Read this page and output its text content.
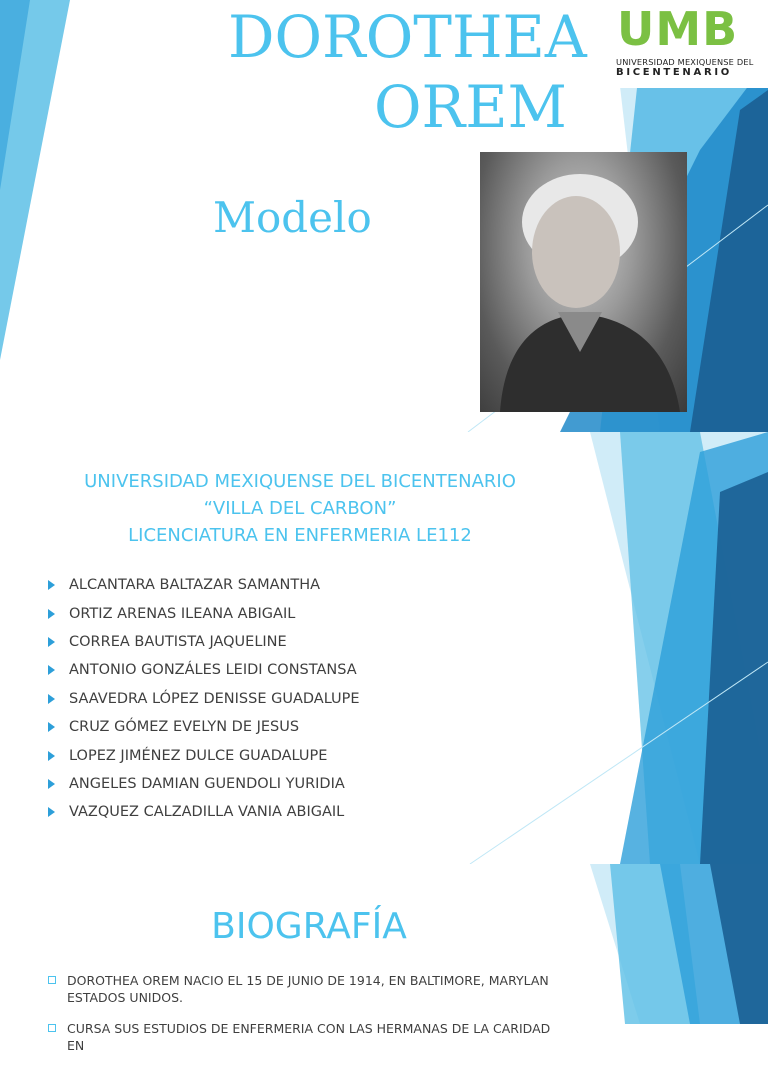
DOROTHEA
OREM
Modelo
UMB
UNIVERSIDAD MEXIQUENSE DEL
BICENTENARIO
UNIVERSIDAD MEXIQUENSE DEL BICENTENARIO
“VILLA DEL CARBON”
LICENCIATURA EN ENFERMERIA LE112
ALCANTARA BALTAZAR SAMANTHA
ORTIZ ARENAS ILEANA ABIGAIL
CORREA BAUTISTA JAQUELINE
ANTONIO GONZÁLES LEIDI CONSTANSA
SAAVEDRA LÓPEZ DENISSE GUADALUPE
CRUZ GÓMEZ EVELYN DE JESUS
LOPEZ JIMÉNEZ DULCE GUADALUPE
ANGELES DAMIAN GUENDOLI YURIDIA
VAZQUEZ CALZADILLA VANIA ABIGAIL
BIOGRAFÍA
DOROTHEA OREM NACIO EL 15 DE JUNIO DE 1914, EN BALTIMORE, MARYLAN ESTADOS UNIDOS.
CURSA SUS ESTUDIOS DE ENFERMERIA CON LAS HERMANAS DE LA CARIDAD EN
